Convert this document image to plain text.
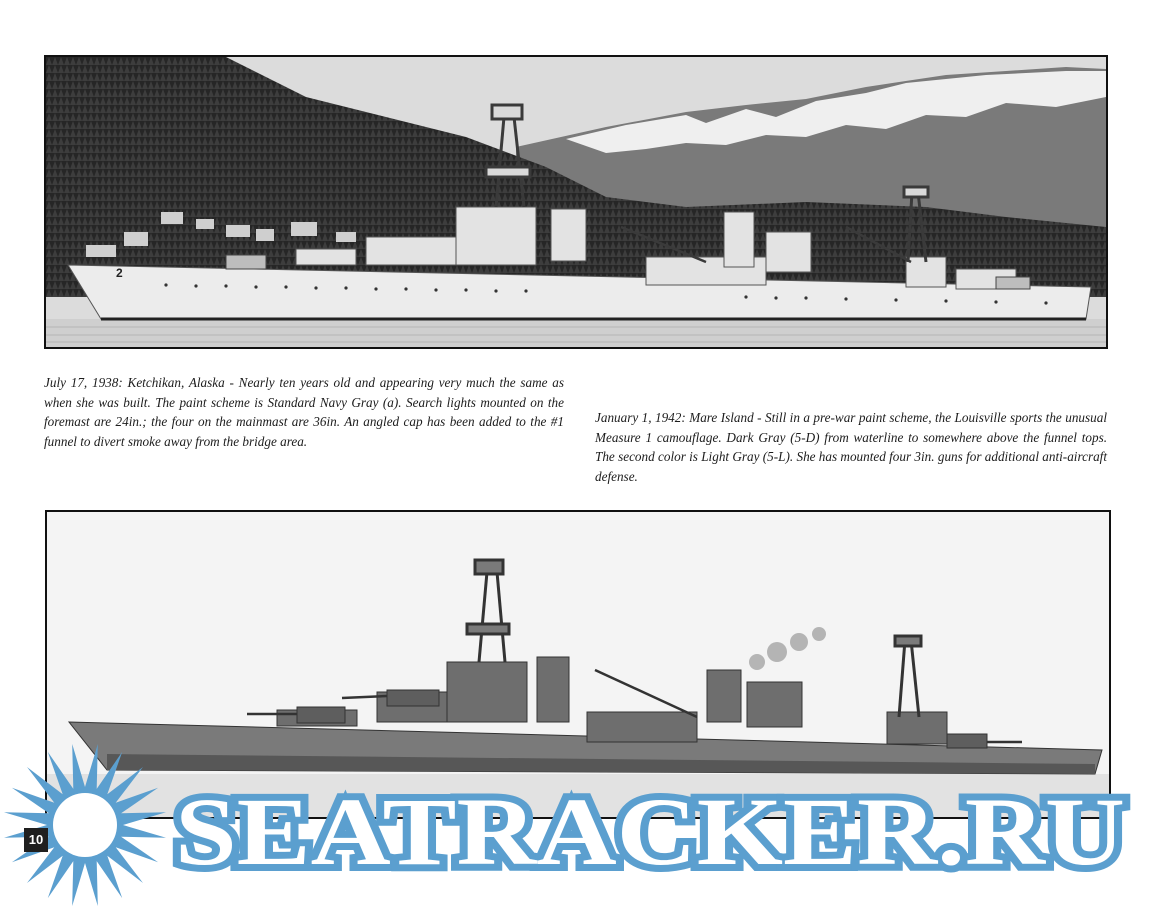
2

July 17, 1938: Ketchikan, Alaska - Nearly ten years old and appearing very much the same as when she was built. The paint scheme is Standard Navy Gray (a). Search lights mounted on the foremast are 24in.; the four on the mainmast are 36in. An angled cap has been added to the #1 funnel to divert smoke away from the bridge area.

January 1, 1942: Mare Island - Still in a pre-war paint scheme, the Louisville sports the unusual Measure 1 camouflage. Dark Gray (5-D) from waterline to somewhere above the funnel tops. The second color is Light Gray (5-L). She has mounted four 3in. guns for additional anti-aircraft defense.

SEATRACKER.RU
10
